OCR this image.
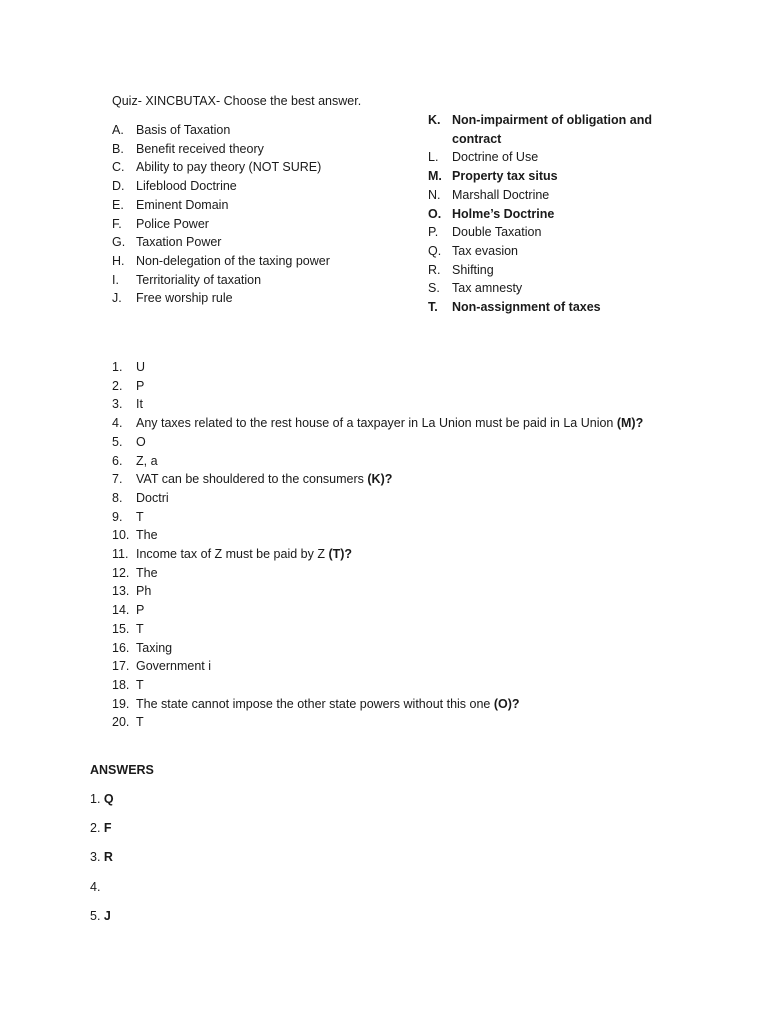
Quiz- XINCBUTAX- Choose the best answer.
A. Basis of Taxation
B. Benefit received theory
C. Ability to pay theory (NOT SURE)
D. Lifeblood Doctrine
E. Eminent Domain
F.	Police Power
G. Taxation Power
H. Non-delegation of the taxing power
I.	Territoriality of taxation
J.	Free worship rule
K. Non-impairment of obligation and contract
L.	Doctrine of Use
M. Property tax situs
N. Marshall Doctrine
O. Holme’s Doctrine
P.	Double Taxation
Q. Tax evasion
R. Shifting
S. Tax amnesty
T.	Non-assignment of taxes
1.	U
2.	P
3.	It
4.	Any taxes related to the rest house of a taxpayer in La Union must be paid in La Union (M)?
5.	O
6.	Z, a
7.	VAT can be shouldered to the consumers (K)?
8.	Doctri
9.	T
10. The
11. Income tax of Z must be paid by Z (T)?
12. The
13. Ph
14. P
15. T
16. Taxing
17. Government i
18. T
19. The state cannot impose the other state powers without this one (O)?
20. T
ANSWERS
1.
Q
2.
F
3.
R
4.

5.
J
